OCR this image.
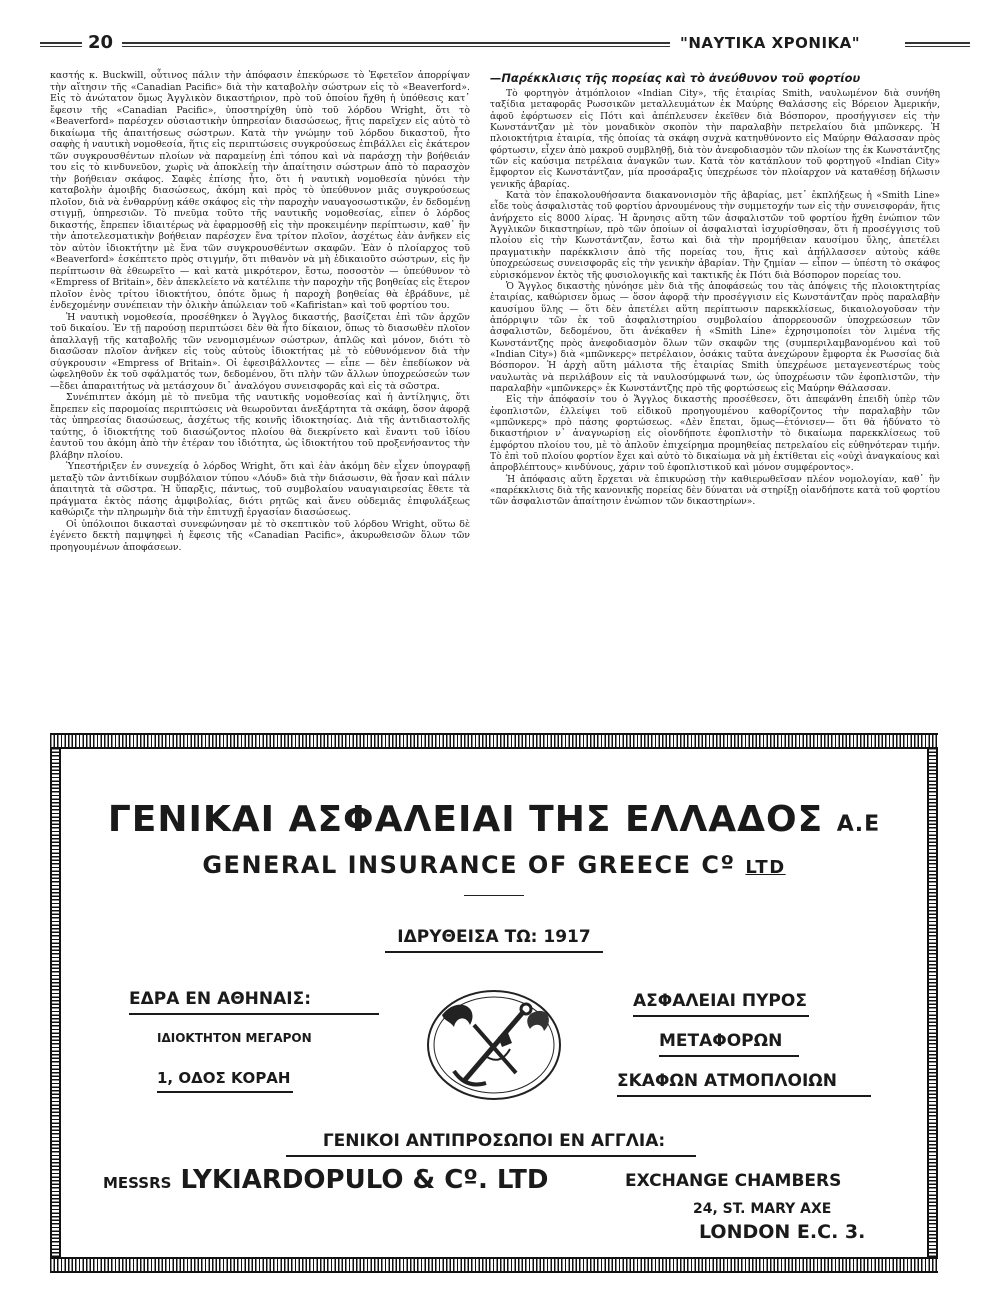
20	"ΝΑΥΤΙΚΑ ΧΡΟΝΙΚΑ"

καστής κ. Buckwill, οὗτινος πάλιν τὴν ἀπόφασιν ἐπεκύρωσε τὸ Ἐφετεῖον ἀπορρίψαν τὴν αἴτησιν τῆς «Canadian Pacific» διὰ τὴν καταβολὴν σώστρων εἰς τὸ «Beaverford». Εἰς τὸ ἀνώτατον ὅμως Ἀγγλικὸν δικαστήριον, πρὸ τοῦ ὁποίου ἤχθη ἡ ὑπόθεσις κατ᾿ ἔφεσιν τῆς «Canadian Pacific», ὑποστηρίχθη ὑπὸ τοῦ λόρδου Wright, ὅτι τὸ «Beaverford» παρέσχεν οὐσιαστικὴν ὑπηρεσίαν διασώσεως, ἥτις παρεῖχεν εἰς αὐτὸ τὸ δικαίωμα τῆς ἀπαιτήσεως σώστρων. Κατὰ τὴν γνώμην τοῦ λόρδου δικαστοῦ, ἦτο σαφὴς ἡ ναυτικὴ νομοθεσία, ἥτις εἰς περιπτώσεις συγκρούσεως ἐπιβάλλει εἰς ἑκάτερον τῶν συγκρουσθέντων πλοίων νὰ παραμείνῃ ἐπὶ τόπου καὶ νὰ παράσχῃ τὴν βοήθειάν του εἰς τὸ κινδυνεῦον, χωρὶς νὰ ἀποκλείῃ τὴν ἀπαίτησιν σώστρων ἀπὸ τὸ παρασχὸν τὴν βοήθειαν σκάφος. Σαφὲς ἐπίσης ἦτο, ὅτι ἡ ναυτικὴ νομοθεσία ηὐνόει τὴν καταβολὴν ἀμοιβῆς διασώσεως, ἀκόμη καὶ πρὸς τὸ ὑπεύθυνον μιᾶς συγκρούσεως πλοῖον, διὰ νὰ ἐνθαρρύνῃ κάθε σκάφος εἰς τὴν παροχὴν ναυαγοσωστικῶν, ἐν δεδομένῃ στιγμῇ, ὑπηρεσιῶν. Τὸ πνεῦμα τοῦτο τῆς ναυτικῆς νομοθεσίας, εἶπεν ὁ λόρδος δικαστής, ἔπρεπεν ἰδιαιτέρως νὰ ἐφαρμοσθῇ εἰς τὴν προκειμένην περίπτωσιν, καθ᾿ ἣν τὴν ἀποτελεσματικὴν βοήθειαν παρέσχεν ἕνα τρίτον πλοῖον, ἀσχέτως ἐὰν ἀνῆκεν εἰς τὸν αὐτὸν ἰδιοκτήτην μὲ ἕνα τῶν συγκρουσθέντων σκαφῶν. Ἐὰν ὁ πλοίαρχος τοῦ «Beaverford» ἐσκέπτετο πρὸς στιγμήν, ὅτι πιθανὸν νὰ μὴ ἐδικαιοῦτο σώστρων, εἰς ἣν περίπτωσιν θὰ ἐθεωρεῖτο — καὶ κατὰ μικρότερον, ἔστω, ποσοστὸν — ὑπεύθυνον τὸ «Empress of Britain», δὲν ἀπεκλείετο νὰ κατέλιπε τὴν παροχὴν τῆς βοηθείας εἰς ἕτερον πλοῖον ἑνὸς τρίτου ἰδιοκτήτου, ὁπότε ὅμως ἡ παροχὴ βοηθείας θὰ ἐβράδυνε, μὲ ἐνδεχομένην συνέπειαν τὴν ὁλικὴν ἀπώλειαν τοῦ «Kafiristan» καὶ τοῦ φορτίου του.

Ἡ ναυτικὴ νομοθεσία, προσέθηκεν ὁ Ἄγγλος δικαστής, βασίζεται ἐπὶ τῶν ἀρχῶν τοῦ δικαίου. Ἐν τῇ παρούσῃ περιπτώσει δὲν θὰ ἦτο δίκαιον, ὅπως τὸ διασωθὲν πλοῖον ἀπαλλαγῇ τῆς καταβολῆς τῶν νενομισμένων σώστρων, ἁπλῶς καὶ μόνον, διότι τὸ διασῶσαν πλοῖον ἀνῆκεν εἰς τοὺς αὐτοὺς ἰδιοκτήτας μὲ τὸ εὐθυνόμενον διὰ τὴν σύγκρουσιν «Empress of Britain». Οἱ ἐφεσιβάλλοντες — εἶπε — δὲν ἐπεδίωκον νὰ ὠφεληθοῦν ἐκ τοῦ σφάλματός των, δεδομένου, ὅτι πλὴν τῶν ἄλλων ὑποχρεώσεών των —ἔδει ἀπαραιτήτως νὰ μετάσχουν δι᾿ ἀναλόγου συνεισφορᾶς καὶ εἰς τὰ σῶστρα.

Συνέπιπτεν ἀκόμη μὲ τὸ πνεῦμα τῆς ναυτικῆς νομοθεσίας καὶ ἡ ἀντίληψις, ὅτι ἔπρεπεν εἰς παρομοίας περιπτώσεις νὰ θεωροῦνται ἀνεξάρτητα τὰ σκάφη, ὅσον ἀφορᾷ τὰς ὑπηρεσίας διασώσεως, ἀσχέτως τῆς κοινῆς ἰδιοκτησίας. Διὰ τῆς ἀντιδιαστολῆς ταύτης, ὁ ἰδιοκτήτης τοῦ διασώζοντος πλοίου θὰ διεκρίνετο καὶ ἔναντι τοῦ ἰδίου ἑαυτοῦ του ἀκόμη ἀπὸ τὴν ἑτέραν του ἰδιότητα, ὡς ἰδιοκτήτου τοῦ προξενήσαντος τὴν βλάβην πλοίου.

Ὑπεστήριξεν ἐν συνεχείᾳ ὁ λόρδος Wright, ὅτι καὶ ἐὰν ἀκόμη δὲν εἶχεν ὑπογραφῇ μεταξὺ τῶν ἀντιδίκων συμβόλαιον τύπου «Λόυδ» διὰ τὴν διάσωσιν, θὰ ἦσαν καὶ πάλιν ἀπαιτητὰ τὰ σῶστρα. Ἡ ὕπαρξις, πάντως, τοῦ συμβολαίου ναυαγιαιρεσίας ἔθετε τὰ πράγματα ἐκτὸς πάσης ἀμφιβολίας, διότι ρητῶς καὶ ἄνευ οὐδεμιᾶς ἐπιφυλάξεως καθώριζε τὴν πληρωμὴν διὰ τὴν ἐπιτυχῇ ἐργασίαν διασώσεως.

Οἱ ὑπόλοιποι δικασταὶ συνεφώνησαν μὲ τὸ σκεπτικὸν τοῦ λόρδου Wright, οὕτω δὲ ἐγένετο δεκτὴ παμψηφεὶ ἡ ἔφεσις τῆς «Canadian Pacific», ἀκυρωθεισῶν ὅλων τῶν προηγουμένων ἀποφάσεων.

—Παρέκκλισις τῆς πορείας καὶ τὸ ἀνεύθυνον τοῦ φορτίου

Τὸ φορτηγὸν ἀτμόπλοιον «Indian City», τῆς ἑταιρίας Smith, ναυλωμένον διὰ συνήθη ταξίδια μεταφορᾶς Ρωσσικῶν μεταλλευμάτων ἐκ Μαύρης Θαλάσσης εἰς Βόρειον Ἀμερικήν, ἀφοῦ ἐφόρτωσεν εἰς Πότι καὶ ἀπέπλευσεν ἐκεῖθεν διὰ Βόσπορον, προσήγγισεν εἰς τὴν Κωνστάντζαν μὲ τὸν μοναδικὸν σκοπὸν τὴν παραλαβὴν πετρελαίου διὰ μπῶνκερς. Ἡ πλοιοκτήτρια ἑταιρία, τῆς ὁποίας τὰ σκάφη συχνὰ κατηυθύνοντο εἰς Μαύρην Θάλασσαν πρὸς φόρτωσιν, εἶχεν ἀπὸ μακροῦ συμβληθῇ, διὰ τὸν ἀνεφοδιασμὸν τῶν πλοίων της ἐκ Κωνστάντζης τῶν εἰς καύσιμα πετρέλαια ἀναγκῶν των. Κατὰ τὸν κατάπλουν τοῦ φορτηγοῦ «Indian City» ἔμφορτον εἰς Κωνστάντζαν, μία προσάραξις ὑπεχρέωσε τὸν πλοίαρχον νὰ καταθέσῃ δήλωσιν γενικῆς ἀβαρίας.

Κατὰ τὸν ἐπακολουθήσαντα διακανονισμὸν τῆς ἀβαρίας, μετ᾿ ἐκπλήξεως ἡ «Smith Line» εἶδε τοὺς ἀσφαλιστὰς τοῦ φορτίου ἀρνουμένους τὴν συμμετοχήν των εἰς τὴν συνεισφοράν, ἥτις ἀνήρχετο εἰς 8000 λίρας. Ἡ ἄρνησις αὕτη τῶν ἀσφαλιστῶν τοῦ φορτίου ἤχθη ἐνώπιον τῶν Ἀγγλικῶν δικαστηρίων, πρὸ τῶν ὁποίων οἱ ἀσφαλισταὶ ἰσχυρίσθησαν, ὅτι ἡ προσέγγισις τοῦ πλοίου εἰς τὴν Κωνστάντζαν, ἔστω καὶ διὰ τὴν προμήθειαν καυσίμου ὕλης, ἀπετέλει πραγματικὴν παρέκκλισιν ἀπὸ τῆς πορείας του, ἥτις καὶ ἀπήλλασσεν αὐτοὺς κάθε ὑποχρεώσεως συνεισφορᾶς εἰς τὴν γενικὴν ἀβαρίαν. Τὴν ζημίαν — εἶπον — ὑπέστη τὸ σκάφος εὑρισκόμενον ἐκτὸς τῆς φυσιολογικῆς καὶ τακτικῆς ἐκ Πότι διὰ Βόσπορον πορείας του.

Ὁ Ἄγγλος δικαστὴς ηὐνόησε μὲν διὰ τῆς ἀποφάσεώς του τὰς ἀπόψεις τῆς πλοιοκτητρίας ἑταιρίας, καθώρισεν ὅμως — ὅσον ἀφορᾷ τὴν προσέγγισιν εἰς Κωνστάντζαν πρὸς παραλαβὴν καυσίμου ὕλης — ὅτι δὲν ἀπετέλει αὕτη περίπτωσιν παρεκκλίσεως, δικαιολογοῦσαν τὴν ἀπόρριψιν τῶν ἐκ τοῦ ἀσφαλιστηρίου συμβολαίου ἀπορρεουσῶν ὑποχρεώσεων τῶν ἀσφαλιστῶν, δεδομένου, ὅτι ἀνέκαθεν ἡ «Smith Line» ἐχρησιμοποίει τὸν λιμένα τῆς Κωνστάντζης πρὸς ἀνεφοδιασμὸν ὅλων τῶν σκαφῶν της (συμπεριλαμβανομένου καὶ τοῦ «Indian City») διὰ «μπῶνκερς» πετρέλαιον, ὁσάκις ταῦτα ἀνεχώρουν ἔμφορτα ἐκ Ρωσσίας διὰ Βόσπορον. Ἡ ἀρχὴ αὕτη μάλιστα τῆς ἑταιρίας Smith ὑπεχρέωσε μεταγενεστέρως τοὺς ναυλωτὰς νὰ περιλάβουν εἰς τὰ ναυλοσύμφωνά των, ὡς ὑποχρέωσιν τῶν ἐφοπλιστῶν, τὴν παραλαβὴν «μπῶνκερς» ἐκ Κωνστάντζης πρὸ τῆς φορτώσεως εἰς Μαύρην Θάλασσαν.

Εἰς τὴν ἀπόφασίν του ὁ Ἄγγλος δικαστὴς προσέθεσεν, ὅτι ἀπεφάνθη ἐπειδὴ ὑπὲρ τῶν ἐφοπλιστῶν, ἐλλείψει τοῦ εἰδικοῦ προηγουμένου καθορίζοντος τὴν παραλαβὴν τῶν «μπῶνκερς» πρὸ πάσης φορτώσεως. «Δὲν ἔπεται, ὅμως—ἐτόνισεν— ὅτι θὰ ἠδύνατο τὸ δικαστήριον ν᾿ ἀναγνωρίσῃ εἰς οἱονδήποτε ἐφοπλιστὴν τὸ δικαίωμα παρεκκλίσεως τοῦ ἐμφόρτου πλοίου του, μὲ τὸ ἁπλοῦν ἐπιχείρημα προμηθείας πετρελαίου εἰς εὐθηνότεραν τιμήν. Τὸ ἐπὶ τοῦ πλοίου φορτίον ἔχει καὶ αὐτὸ τὸ δικαίωμα νὰ μὴ ἐκτίθεται εἰς «οὐχὶ ἀναγκαίους καὶ ἀπροβλέπτους» κινδύνους, χάριν τοῦ ἐφοπλιστικοῦ καὶ μόνον συμφέροντος».

Ἡ ἀπόφασις αὕτη ἔρχεται νὰ ἐπικυρώσῃ τὴν καθιερωθεῖσαν πλέον νομολογίαν, καθ᾿ ἣν «παρέκκλισις διὰ τῆς κανονικῆς πορείας δὲν δύναται νὰ στηρίξῃ οἱανδήποτε κατὰ τοῦ φορτίου τῶν ἀσφαλιστῶν ἀπαίτησιν ἐνώπιον τῶν δικαστηρίων».

ΓΕΝΙΚΑΙ ΑΣΦΑΛΕΙΑΙ ΤΗΣ ΕΛΛΑΔΟΣ Α.Ε
GENERAL INSURANCE OF GREECE Cº LTD
ΙΔΡΥΘΕΙΣΑ ΤΩ: 1917
ΕΔΡΑ ΕΝ ΑΘΗΝΑΙΣ:
ΙΔΙΟΚΤΗΤΟΝ ΜΕΓΑΡΟΝ
1, ΟΔΟΣ ΚΟΡΑΗ
ΑΣΦΑΛΕΙΑΙ ΠΥΡΟΣ
ΜΕΤΑΦΟΡΩΝ
ΣΚΑΦΩΝ ΑΤΜΟΠΛΟΙΩΝ
ΓΕΝΙΚΟΙ ΑΝΤΙΠΡΟΣΩΠΟΙ ΕΝ ΑΓΓΛΙΑ:
MESSRS LYKIARDOPULO & Cº. LTD	EXCHANGE CHAMBERS
24, ST. MARY AXE
LONDON E.C. 3.
